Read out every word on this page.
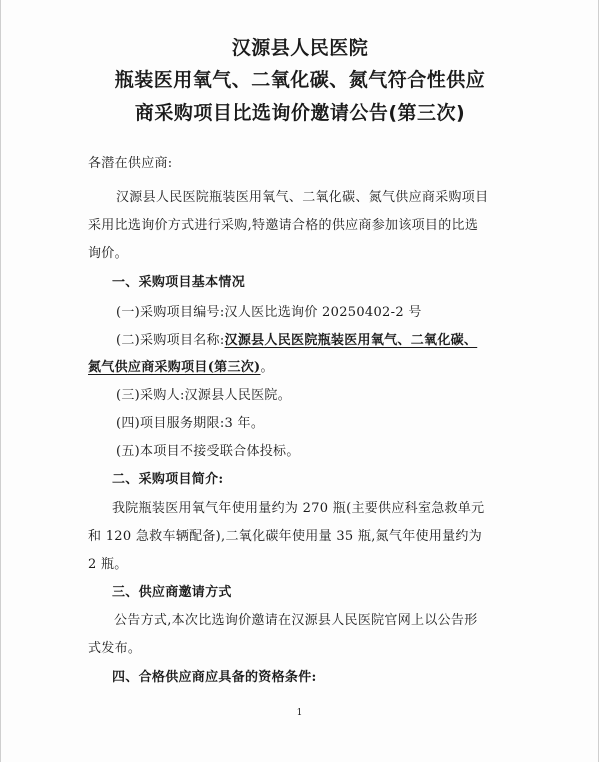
汉源县人民医院
瓶装医用氧气、二氧化碳、氮气符合性供应
商采购项目比选询价邀请公告(第三次)
各潜在供应商:
汉源县人民医院瓶装医用氧气、二氧化碳、氮气供应商采购项目
采用比选询价方式进行采购,特邀请合格的供应商参加该项目的比选
询价。
一、采购项目基本情况
(一)采购项目编号:汉人医比选询价 20250402-2 号
(二)采购项目名称:汉源县人民医院瓶装医用氧气、二氧化碳、
氮气供应商采购项目(第三次)。
(三)采购人:汉源县人民医院。
(四)项目服务期限:3 年。
(五)本项目不接受联合体投标。
二、采购项目简介:
我院瓶装医用氧气年使用量约为 270 瓶(主要供应科室急救单元
和 120 急救车辆配备),二氧化碳年使用量 35 瓶,氮气年使用量约为
2 瓶。
三、供应商邀请方式
公告方式,本次比选询价邀请在汉源县人民医院官网上以公告形
式发布。
四、合格供应商应具备的资格条件:
1
